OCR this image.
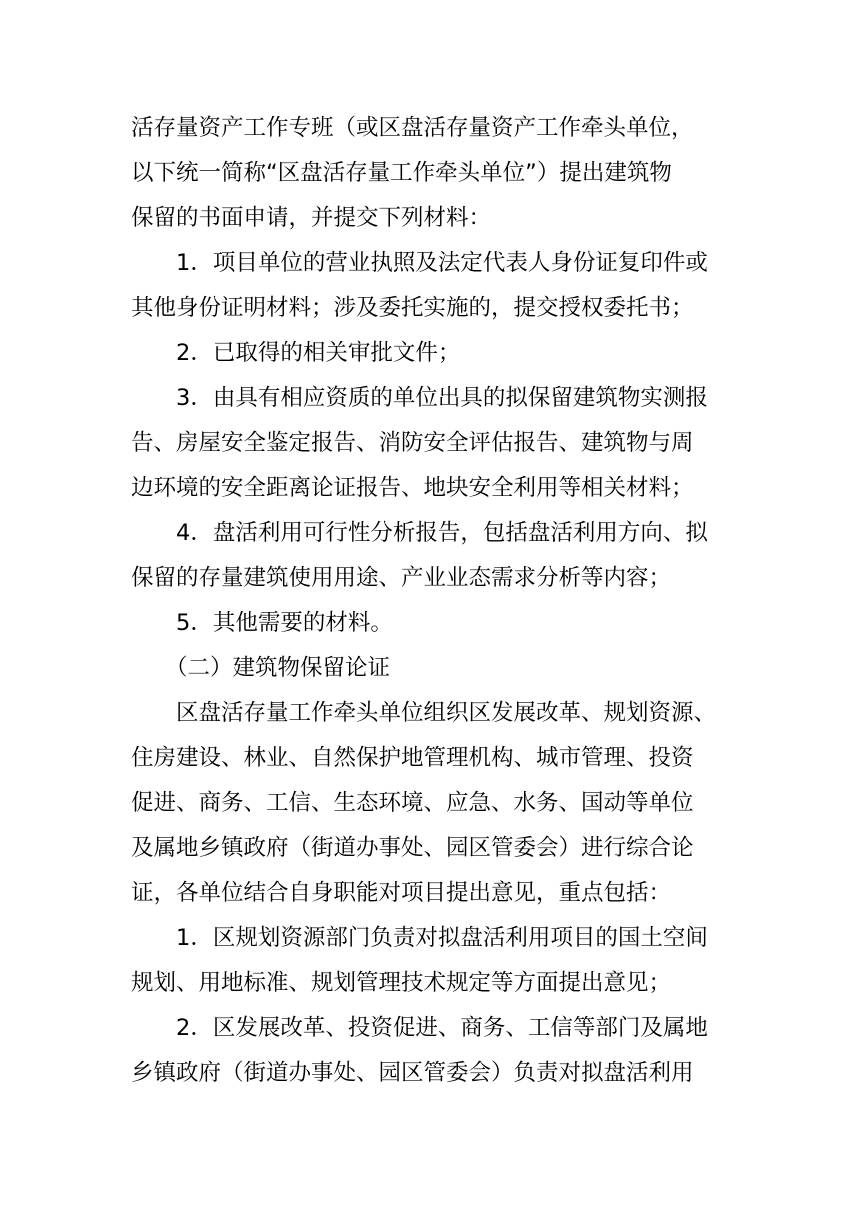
活存量资产工作专班（或区盘活存量资产工作牵头单位，
以下统一简称“区盘活存量工作牵头单位”）提出建筑物
保留的书面申请，并提交下列材料：
1．项目单位的营业执照及法定代表人身份证复印件或
其他身份证明材料；涉及委托实施的，提交授权委托书；
2．已取得的相关审批文件；
3．由具有相应资质的单位出具的拟保留建筑物实测报
告、房屋安全鉴定报告、消防安全评估报告、建筑物与周
边环境的安全距离论证报告、地块安全利用等相关材料；
4．盘活利用可行性分析报告，包括盘活利用方向、拟
保留的存量建筑使用用途、产业业态需求分析等内容；
5．其他需要的材料。
（二）建筑物保留论证
区盘活存量工作牵头单位组织区发展改革、规划资源、
住房建设、林业、自然保护地管理机构、城市管理、投资
促进、商务、工信、生态环境、应急、水务、国动等单位
及属地乡镇政府（街道办事处、园区管委会）进行综合论
证，各单位结合自身职能对项目提出意见，重点包括：
1．区规划资源部门负责对拟盘活利用项目的国土空间
规划、用地标准、规划管理技术规定等方面提出意见；
2．区发展改革、投资促进、商务、工信等部门及属地
乡镇政府（街道办事处、园区管委会）负责对拟盘活利用
